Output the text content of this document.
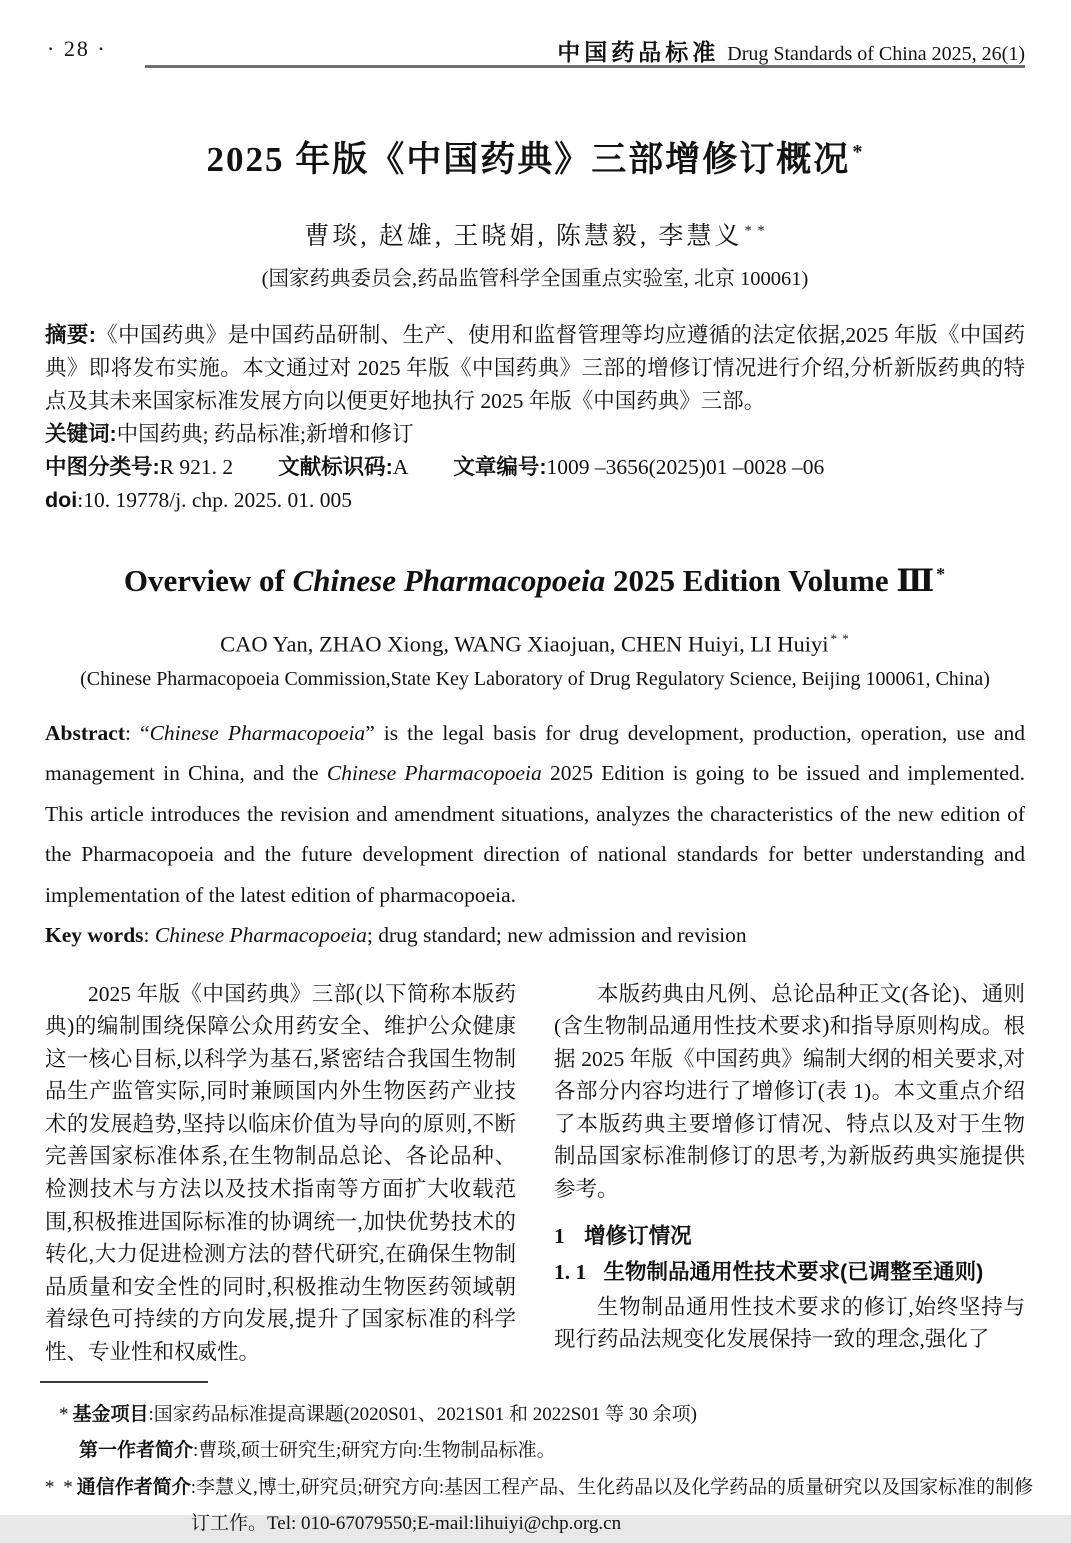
· 28 ·	中国药品标准 Drug Standards of China 2025, 26(1)
2025 年版《中国药典》三部增修订概况*
曹琰, 赵雄, 王晓娟, 陈慧毅, 李慧义 * *
(国家药典委员会,药品监管科学全国重点实验室, 北京 100061)
摘要:《中国药典》是中国药品研制、生产、使用和监督管理等均应遵循的法定依据,2025 年版《中国药典》即将发布实施。本文通过对 2025 年版《中国药典》三部的增修订情况进行介绍,分析新版药典的特点及其未来国家标准发展方向以便更好地执行 2025 年版《中国药典》三部。
关键词:中国药典; 药品标准;新增和修订
中图分类号:R 921. 2 文献标识码:A 文章编号:1009 –3656(2025)01 –0028 –06
doi:10. 19778/j. chp. 2025. 01. 005
Overview of Chinese Pharmacopoeia 2025 Edition Volume Ⅲ *
CAO Yan, ZHAO Xiong, WANG Xiaojuan, CHEN Huiyi, LI Huiyi * *
(Chinese Pharmacopoeia Commission,State Key Laboratory of Drug Regulatory Science, Beijing 100061, China)
Abstract: “Chinese Pharmacopoeia” is the legal basis for drug development, production, operation, use and management in China, and the Chinese Pharmacopoeia 2025 Edition is going to be issued and implemented. This article introduces the revision and amendment situations, analyzes the characteristics of the new edition of the Pharmacopoeia and the future development direction of national standards for better understanding and implementation of the latest edition of pharmacopoeia.
Key words: Chinese Pharmacopoeia; drug standard; new admission and revision

2025 年版《中国药典》三部(以下简称本版药典)的编制围绕保障公众用药安全、维护公众健康这一核心目标,以科学为基石,紧密结合我国生物制品生产监管实际,同时兼顾国内外生物医药产业技术的发展趋势,坚持以临床价值为导向的原则,不断完善国家标准体系,在生物制品总论、各论品种、检测技术与方法以及技术指南等方面扩大收载范围,积极推进国际标准的协调统一,加快优势技术的转化,大力促进检测方法的替代研究,在确保生物制品质量和安全性的同时,积极推动生物医药领域朝着绿色可持续的方向发展,提升了国家标准的科学性、专业性和权威性。

本版药典由凡例、总论品种正文(各论)、通则(含生物制品通用性技术要求)和指导原则构成。根据 2025 年版《中国药典》编制大纲的相关要求,对各部分内容均进行了增修订(表 1)。本文重点介绍了本版药典主要增修订情况、特点以及对于生物制品国家标准制修订的思考,为新版药典实施提供参考。

1 增修订情况
1. 1 生物制品通用性技术要求(已调整至通则)

生物制品通用性技术要求的修订,始终坚持与现行药品法规变化发展保持一致的理念,强化了

* 基金项目:国家药品标准提高课题(2020S01、2021S01 和 2022S01 等 30 余项)
第一作者简介:曹琰,硕士研究生;研究方向:生物制品标准。
* * 通信作者简介:李慧义,博士,研究员;研究方向:基因工程产品、生化药品以及化学药品的质量研究以及国家标准的制修
订工作。Tel: 010-67079550;E-mail:lihuiyi@chp.org.cn
